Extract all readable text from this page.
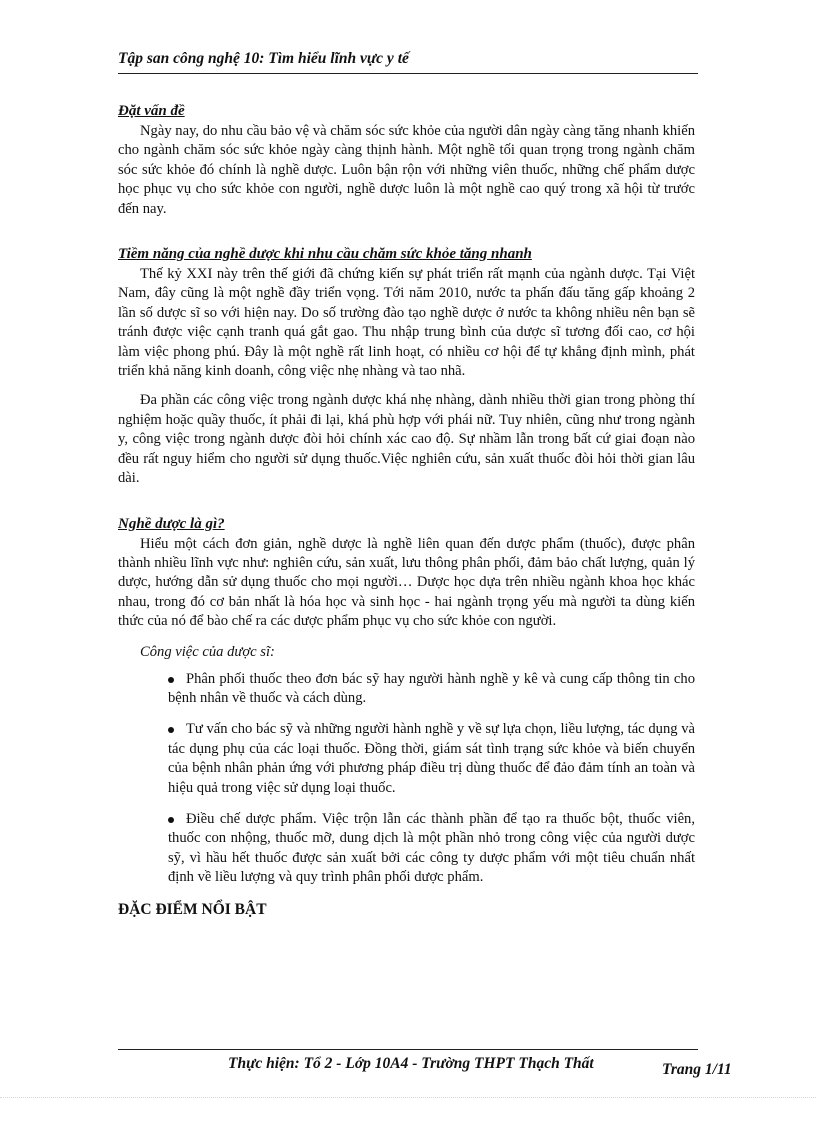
Tập san công nghệ 10: Tìm hiểu lĩnh vực y tế
Đặt vấn đề

Ngày nay, do nhu cầu bảo vệ và chăm sóc sức khỏe của người dân ngày càng tăng nhanh khiến cho ngành chăm sóc sức khỏe ngày càng thịnh hành. Một nghề tối quan trọng trong ngành chăm sóc sức khỏe đó chính là nghề dược. Luôn bận rộn với những viên thuốc, những chế phẩm dược học phục vụ cho sức khỏe con người, nghề dược luôn là một nghề cao quý trong xã hội từ trước đến nay.

Tiềm năng của nghề dược khi nhu cầu chăm sức khỏe tăng nhanh

Thế kỷ XXI này trên thế giới đã chứng kiến sự phát triển rất mạnh của ngành dược. Tại Việt Nam, đây cũng là một nghề đầy triển vọng. Tới năm 2010, nước ta phấn đấu tăng gấp khoảng 2 lần số dược sĩ so với hiện nay. Do số trường đào tạo nghề dược ở nước ta không nhiều nên bạn sẽ tránh được việc cạnh tranh quá gắt gao. Thu nhập trung bình của dược sĩ tương đối cao, cơ hội làm việc phong phú. Đây là một nghề rất linh hoạt, có nhiều cơ hội để tự khẳng định mình, phát triển khả năng kinh doanh, công việc nhẹ nhàng và tao nhã.

Đa phần các công việc trong ngành dược khá nhẹ nhàng, dành nhiều thời gian trong phòng thí nghiệm hoặc quầy thuốc, ít phải đi lại, khá phù hợp với phái nữ. Tuy nhiên, cũng như trong ngành y, công việc trong ngành dược đòi hỏi chính xác cao độ. Sự nhầm lẫn trong bất cứ giai đoạn nào đều rất nguy hiểm cho người sử dụng thuốc.Việc nghiên cứu, sản xuất thuốc đòi hỏi thời gian lâu dài.

Nghề dược là gì?

Hiểu một cách đơn giản, nghề dược là nghề liên quan đến dược phẩm (thuốc), được phân thành nhiều lĩnh vực như: nghiên cứu, sản xuất, lưu thông phân phối, đảm bảo chất lượng, quản lý dược, hướng dẫn sử dụng thuốc cho mọi người… Dược học dựa trên nhiều ngành khoa học khác nhau, trong đó cơ bản nhất là hóa học và sinh học - hai ngành trọng yếu mà người ta dùng kiến thức của nó để bào chế ra các dược phẩm phục vụ cho sức khỏe con người.

Công việc của dược sĩ:

Phân phối thuốc theo đơn bác sỹ hay người hành nghề y kê và cung cấp thông tin cho bệnh nhân về thuốc và cách dùng.
Tư vấn cho bác sỹ và những người hành nghề y về sự lựa chọn, liều lượng, tác dụng và tác dụng phụ của các loại thuốc. Đồng thời, giám sát tình trạng sức khỏe và biến chuyển của bệnh nhân phản ứng với phương pháp điều trị dùng thuốc để đảo đảm tính an toàn và hiệu quả trong việc sử dụng loại thuốc.
Điều chế dược phẩm. Việc trộn lẫn các thành phần để tạo ra thuốc bột, thuốc viên, thuốc con nhộng, thuốc mỡ, dung dịch là một phần nhỏ trong công việc của người dược sỹ, vì hầu hết thuốc được sản xuất bởi các công ty dược phẩm với một tiêu chuẩn nhất định về liều lượng và quy trình phân phối dược phẩm.
ĐẶC ĐIỂM NỔI BẬT
Thực hiện: Tổ 2 - Lớp 10A4 - Trường THPT Thạch Thất	Trang 1/11
